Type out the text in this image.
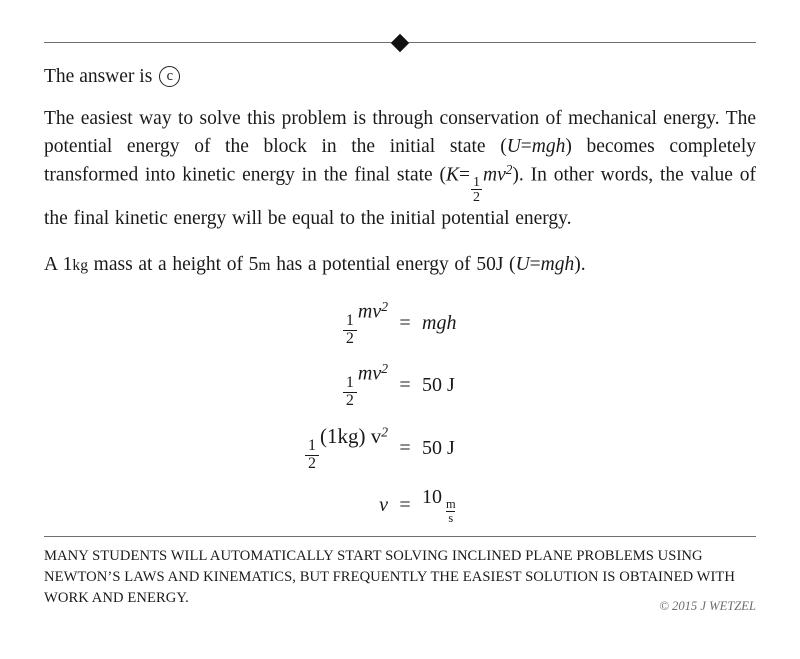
The answer is c

The easiest way to solve this problem is through conservation of mechanical energy. The potential energy of the block in the initial state (U=mgh) becomes completely transformed into kinetic energy in the final state (K=
$\frac{1}{2}$
$mv^2$). In other words, the value of the final kinetic energy will be equal to the initial potential energy.

A 1kg mass at a height of 5m has a potential energy of 50J (U=mgh).

$\frac{1}{2}$
$mv^2$
= mgh
$\frac{1}{2}$
$mv^2$
= 50 J
$\frac{1}{2}$
(1kg) $v^2$
= 50 J
v = 10
$\frac{m}{s}$
MANY STUDENTS WILL AUTOMATICALLY START SOLVING INCLINED PLANE PROBLEMS USING NEWTON’S LAWS AND KINEMATICS, BUT FREQUENTLY THE EASIEST SOLUTION IS OBTAINED WITH WORK AND ENERGY.	© 2015 J WETZEL
